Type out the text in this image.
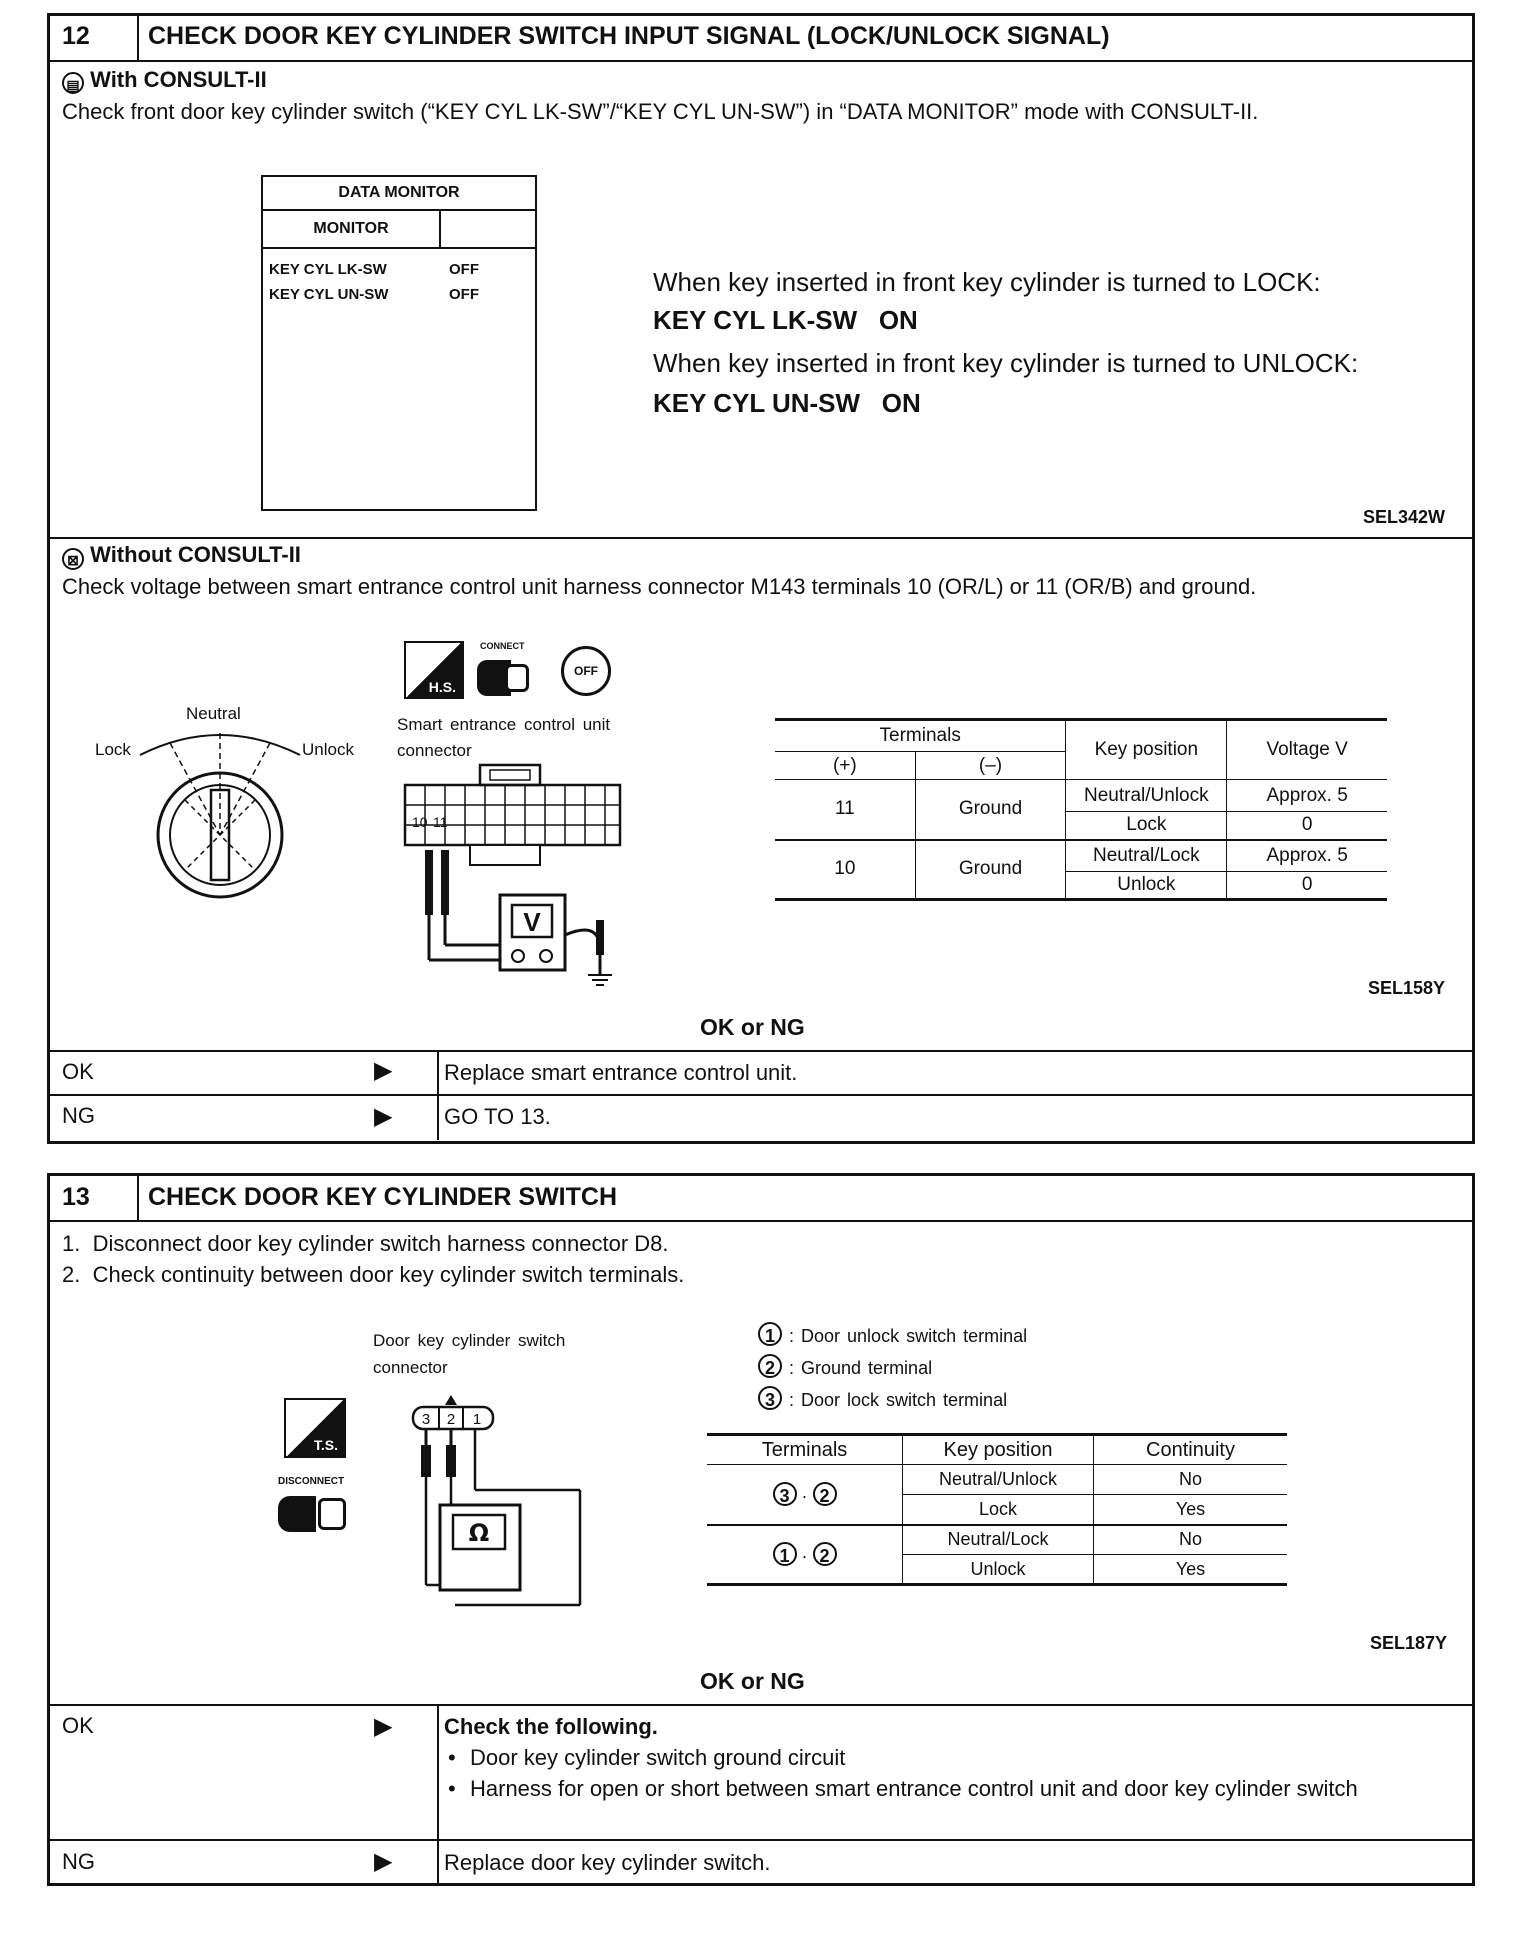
12 CHECK DOOR KEY CYLINDER SWITCH INPUT SIGNAL (LOCK/UNLOCK SIGNAL)
▤ With CONSULT-II
Check front door key cylinder switch (“KEY CYL LK-SW”/“KEY CYL UN-SW”) in “DATA MONITOR” mode with CONSULT-II.
DATA MONITOR
MONITOR
KEY CYL LK-SW	OFF
KEY CYL UN-SW	OFF	When key inserted in front key cylinder is turned to LOCK:
KEY CYL LK-SW   ON
When key inserted in front key cylinder is turned to UNLOCK:
KEY CYL UN-SW   ON
SEL342W
⊠ Without CONSULT-II
Check voltage between smart entrance control unit harness connector M143 terminals 10 (OR/L) or 11 (OR/B) and ground.
Neutral
Lock	Unlock
H.S.
CONNECT
OFF
Smart entrance control unit connector
V
10 11
Terminals		Key position	Voltage V
(+)	(–)		
11	Ground	Neutral/Unlock	Approx. 5
		Lock	0
10	Ground	Neutral/Lock	Approx. 5
		Unlock	0
SEL158Y
OK or NG
OK	▶ Replace smart entrance control unit.
NG	▶ GO TO 13.
13 CHECK DOOR KEY CYLINDER SWITCH
1.  Disconnect door key cylinder switch harness connector D8.
2.  Check continuity between door key cylinder switch terminals.
Door key cylinder switch connector
T.S.
DISCONNECT
3 2 1
Ω
1 : Door unlock switch terminal
2 : Ground terminal
3 : Door lock switch terminal
Terminals	Key position	Continuity
3 · 2	Neutral/Unlock	No
	Lock	Yes
1 · 2	Neutral/Lock	No
	Unlock	Yes
SEL187Y
OK or NG
OK	▶ Check the following.
• Door key cylinder switch ground circuit
• Harness for open or short between smart entrance control unit and door key cylinder switch
NG	▶ Replace door key cylinder switch.
